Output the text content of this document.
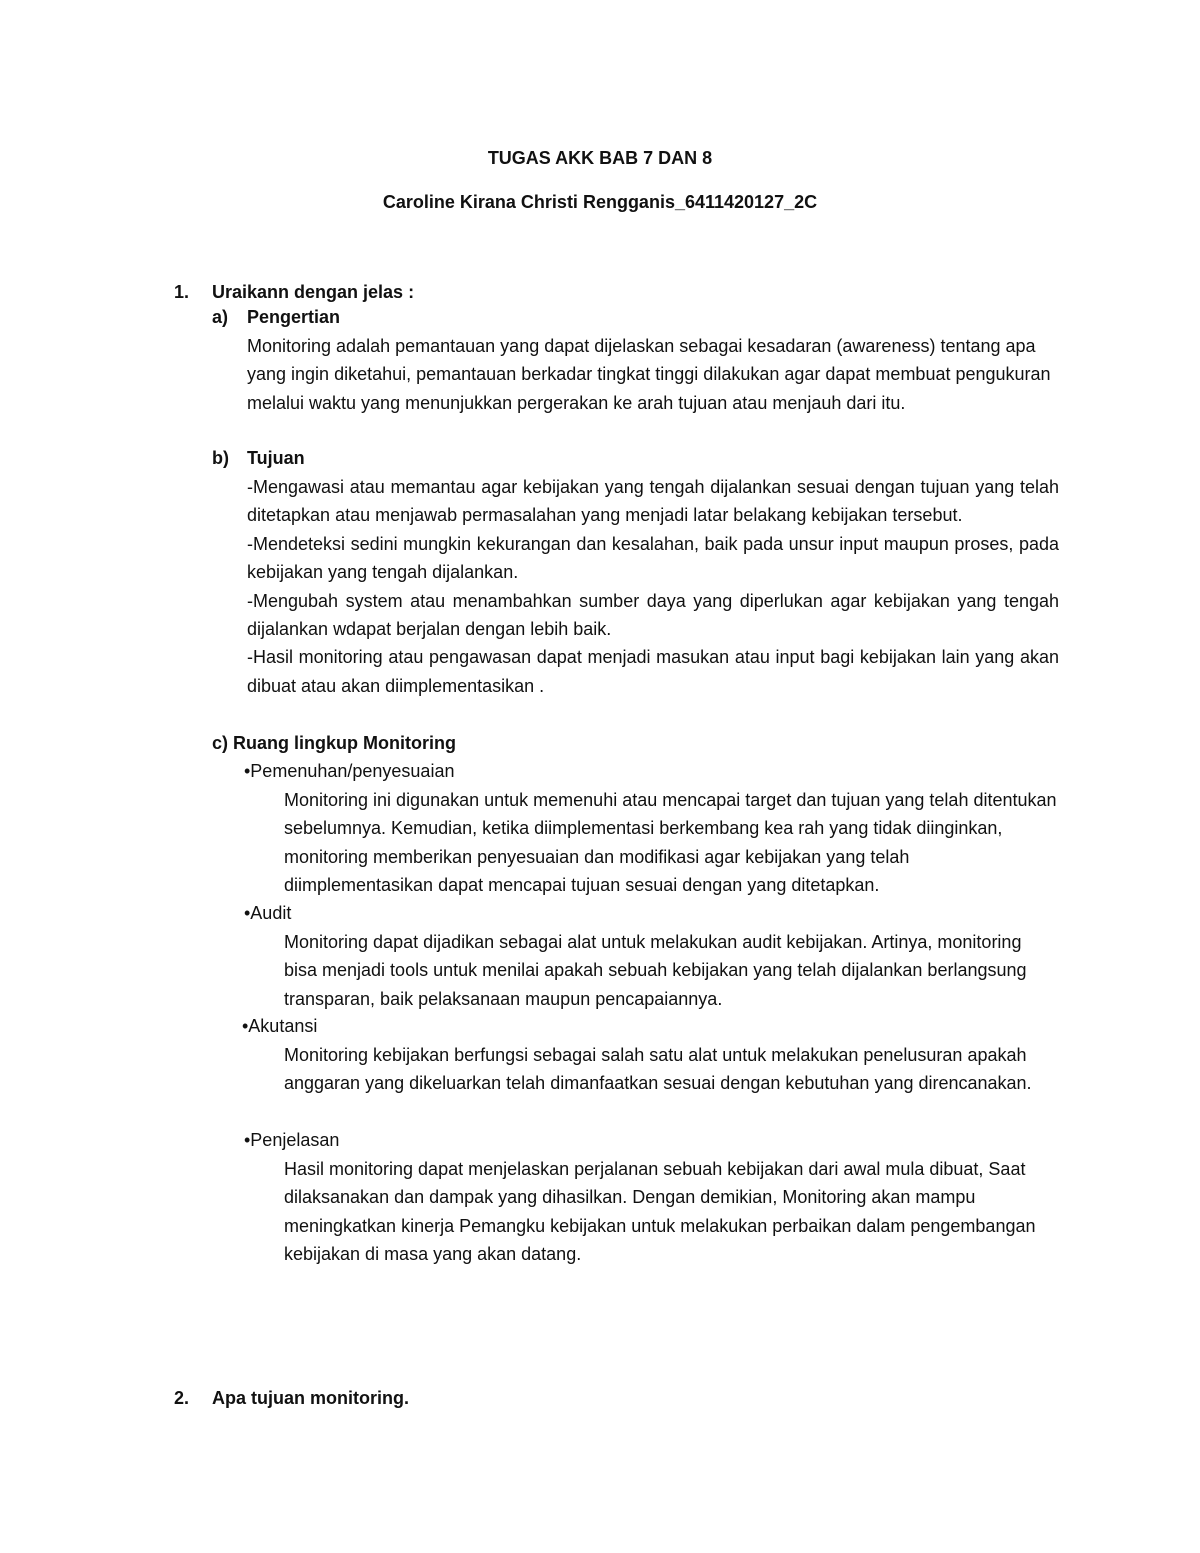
TUGAS AKK BAB 7 DAN 8
Caroline Kirana Christi Rengganis_6411420127_2C
1. Uraikann dengan jelas :
a) Pengertian

Monitoring adalah pemantauan yang dapat dijelaskan sebagai kesadaran (awareness) tentang apa yang ingin diketahui, pemantauan berkadar tingkat tinggi dilakukan agar dapat membuat pengukuran melalui waktu yang menunjukkan pergerakan ke arah tujuan atau menjauh dari itu.

b) Tujuan

-Mengawasi atau memantau agar kebijakan yang tengah dijalankan sesuai dengan tujuan yang telah ditetapkan atau menjawab permasalahan yang menjadi latar belakang kebijakan tersebut.

-Mendeteksi sedini mungkin kekurangan dan kesalahan, baik pada unsur input maupun proses, pada kebijakan yang tengah dijalankan.

-Mengubah system atau menambahkan sumber daya yang diperlukan agar kebijakan yang tengah dijalankan wdapat berjalan dengan lebih baik.

-Hasil monitoring atau pengawasan dapat menjadi masukan atau input bagi kebijakan lain yang akan dibuat atau akan diimplementasikan .

c) Ruang lingkup Monitoring
•Pemenuhan/penyesuaian

Monitoring ini digunakan untuk memenuhi atau mencapai target dan tujuan yang telah ditentukan sebelumnya. Kemudian, ketika diimplementasi berkembang kea rah yang tidak diinginkan, monitoring memberikan penyesuaian dan modifikasi agar kebijakan yang telah diimplementasikan dapat mencapai tujuan sesuai dengan yang ditetapkan.

•Audit

Monitoring dapat dijadikan sebagai alat untuk melakukan audit kebijakan. Artinya, monitoring bisa menjadi tools untuk menilai apakah sebuah kebijakan yang telah dijalankan berlangsung transparan, baik pelaksanaan maupun pencapaiannya.

•Akutansi

Monitoring kebijakan berfungsi sebagai salah satu alat untuk melakukan penelusuran apakah anggaran yang dikeluarkan telah dimanfaatkan sesuai dengan kebutuhan yang direncanakan.

•Penjelasan

Hasil monitoring dapat menjelaskan perjalanan sebuah kebijakan dari awal mula dibuat, Saat dilaksanakan dan dampak yang dihasilkan. Dengan demikian, Monitoring akan mampu meningkatkan kinerja Pemangku kebijakan untuk melakukan perbaikan dalam pengembangan kebijakan di masa yang akan datang.

2. Apa tujuan monitoring.
